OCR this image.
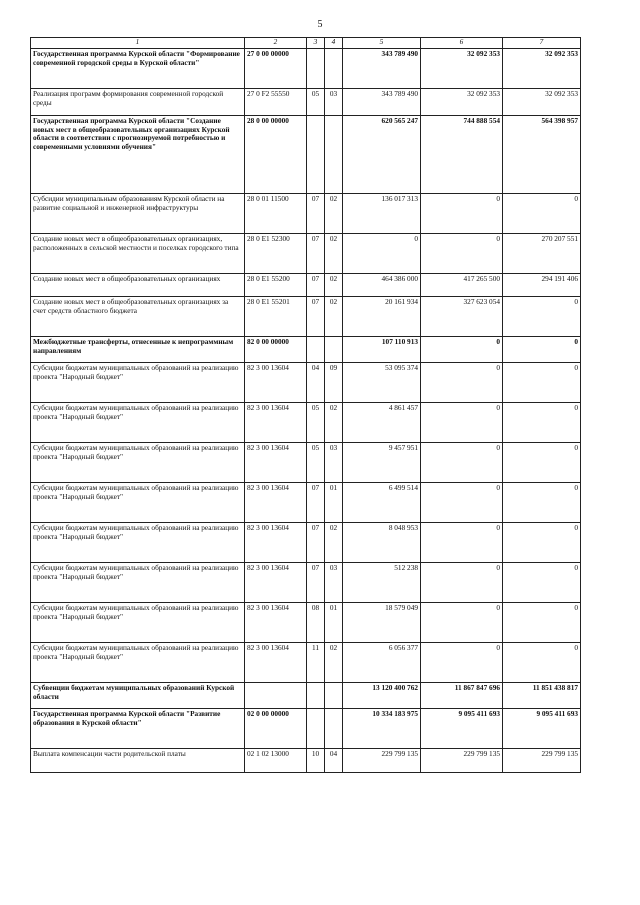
5
1	2	3	4	5	6	7
Государственная программа Курской области "Формирование современной городской среды в Курской области"	27 0 00 00000			343 789 490	32 092 353	32 092 353
Реализация программ формирования современной городской среды	27 0 F2 55550	05	03	343 789 490	32 092 353	32 092 353
Государственная программа Курской области "Создание новых мест в общеобразовательных организациях Курской области в соответствии с прогнозируемой потребностью и современными условиями обучения"	28 0 00 00000			620 565 247	744 888 554	564 398 957
Субсидии муниципальным образованиям Курской области на развитие социальной и инженерной инфраструктуры	28 0 01 11500	07	02	136 017 313	0	0
Создание новых мест в общеобразовательных организациях, расположенных в сельской местности и поселках городского типа	28 0 E1 52300	07	02	0	0	270 207 551
Создание новых мест в общеобразовательных организациях	28 0 E1 55200	07	02	464 386 000	417 265 500	294 191 406
Создание новых мест в общеобразовательных организациях за счет средств областного бюджета	28 0 E1 55201	07	02	20 161 934	327 623 054	0
Межбюджетные трансферты, отнесенные к непрограммным направлениям	82 0 00 00000			107 110 913	0	0
Субсидии бюджетам муниципальных образований на реализацию проекта "Народный бюджет"	82 3 00 13604	04	09	53 095 374	0	0
Субсидии бюджетам муниципальных образований на реализацию проекта "Народный бюджет"	82 3 00 13604	05	02	4 861 457	0	0
Субсидии бюджетам муниципальных образований на реализацию проекта "Народный бюджет"	82 3 00 13604	05	03	9 457 951	0	0
Субсидии бюджетам муниципальных образований на реализацию проекта "Народный бюджет"	82 3 00 13604	07	01	6 499 514	0	0
Субсидии бюджетам муниципальных образований на реализацию проекта "Народный бюджет"	82 3 00 13604	07	02	8 048 953	0	0
Субсидии бюджетам муниципальных образований на реализацию проекта "Народный бюджет"	82 3 00 13604	07	03	512 238	0	0
Субсидии бюджетам муниципальных образований на реализацию проекта "Народный бюджет"	82 3 00 13604	08	01	18 579 049	0	0
Субсидии бюджетам муниципальных образований на реализацию проекта "Народный бюджет"	82 3 00 13604	11	02	6 056 377	0	0
Субвенции бюджетам муниципальных образований Курской области				13 120 400 762	11 867 847 696	11 851 438 817
Государственная программа Курской области "Развитие образования в Курской области"	02 0 00 00000			10 334 183 975	9 095 411 693	9 095 411 693
Выплата компенсации части родительской платы	02 1 02 13000	10	04	229 799 135	229 799 135	229 799 135
